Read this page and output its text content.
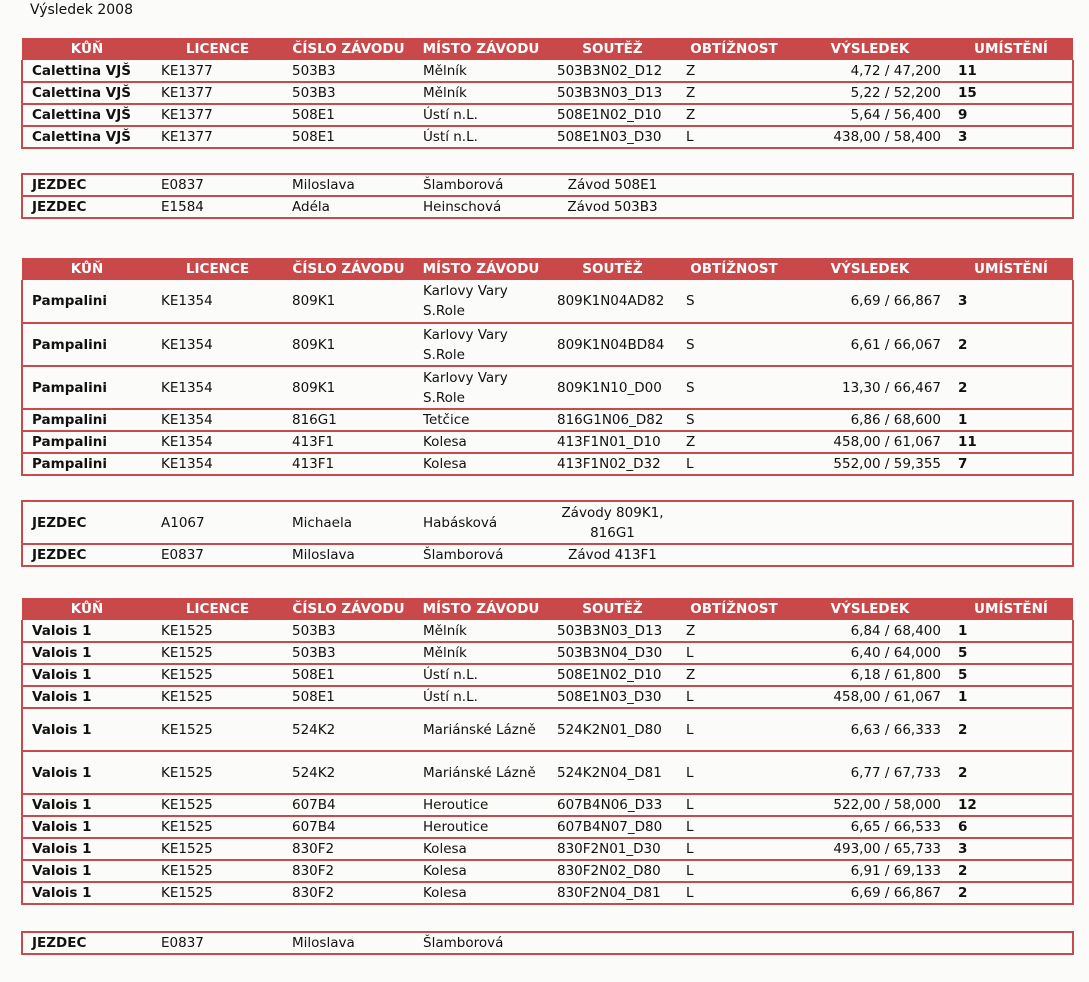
Výsledek 2008
KŮŇ	LICENCE	ČÍSLO ZÁVODU	MÍSTO ZÁVODU	SOUTĚŽ	OBTÍŽNOST	VÝSLEDEK	UMÍSTĚNÍ
Calettina VJŠ	KE1377	503B3	Mělník	503B3N02_D12	Z	4,72 / 47,200	11
Calettina VJŠ	KE1377	503B3	Mělník	503B3N03_D13	Z	5,22 / 52,200	15
Calettina VJŠ	KE1377	508E1	Ústí n.L.	508E1N02_D10	Z	5,64 / 56,400	9
Calettina VJŠ	KE1377	508E1	Ústí n.L.	508E1N03_D30	L	438,00 / 58,400	3
JEZDEC	E0837	Miloslava	Šlamborová	Závod 508E1			
JEZDEC	E1584	Adéla	Heinschová	Závod 503B3			
KŮŇ	LICENCE	ČÍSLO ZÁVODU	MÍSTO ZÁVODU	SOUTĚŽ	OBTÍŽNOST	VÝSLEDEK	UMÍSTĚNÍ
Pampalini	KE1354	809K1	Karlovy Vary S.Role	809K1N04AD82	S	6,69 / 66,867	3
Pampalini	KE1354	809K1	Karlovy Vary S.Role	809K1N04BD84	S	6,61 / 66,067	2
Pampalini	KE1354	809K1	Karlovy Vary S.Role	809K1N10_D00	S	13,30 / 66,467	2
Pampalini	KE1354	816G1	Tetčice	816G1N06_D82	S	6,86 / 68,600	1
Pampalini	KE1354	413F1	Kolesa	413F1N01_D10	Z	458,00 / 61,067	11
Pampalini	KE1354	413F1	Kolesa	413F1N02_D32	L	552,00 / 59,355	7
JEZDEC	A1067	Michaela	Habásková	Závody 809K1, 816G1			
JEZDEC	E0837	Miloslava	Šlamborová	Závod 413F1			
KŮŇ	LICENCE	ČÍSLO ZÁVODU	MÍSTO ZÁVODU	SOUTĚŽ	OBTÍŽNOST	VÝSLEDEK	UMÍSTĚNÍ
Valois 1	KE1525	503B3	Mělník	503B3N03_D13	Z	6,84 / 68,400	1
Valois 1	KE1525	503B3	Mělník	503B3N04_D30	L	6,40 / 64,000	5
Valois 1	KE1525	508E1	Ústí n.L.	508E1N02_D10	Z	6,18 / 61,800	5
Valois 1	KE1525	508E1	Ústí n.L.	508E1N03_D30	L	458,00 / 61,067	1
Valois 1	KE1525	524K2	Mariánské Lázně	524K2N01_D80	L	6,63 / 66,333	2
Valois 1	KE1525	524K2	Mariánské Lázně	524K2N04_D81	L	6,77 / 67,733	2
Valois 1	KE1525	607B4	Heroutice	607B4N06_D33	L	522,00 / 58,000	12
Valois 1	KE1525	607B4	Heroutice	607B4N07_D80	L	6,65 / 66,533	6
Valois 1	KE1525	830F2	Kolesa	830F2N01_D30	L	493,00 / 65,733	3
Valois 1	KE1525	830F2	Kolesa	830F2N02_D80	L	6,91 / 69,133	2
Valois 1	KE1525	830F2	Kolesa	830F2N04_D81	L	6,69 / 66,867	2
JEZDEC	E0837	Miloslava	Šlamborová				
